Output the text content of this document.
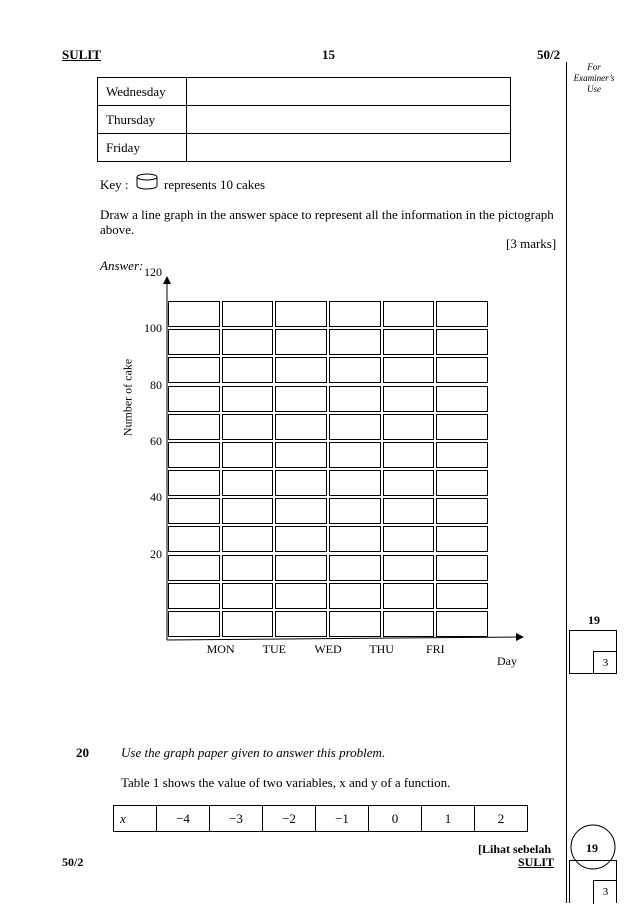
SULIT	15	50/2
For
Examiner’s
Use
Wednesday	
Thursday	
Friday	
Key :	represents 10 cakes
Draw a line graph in the answer space to represent all the information in the pictograph
above.
[3 marks]
Answer:
Number of cake
20
40
60
80
100
120
MON	TUE	WED	THU	FRI
Day
19
3
20 Use the graph paper given to answer this problem.
Table 1 shows the value of two variables, x and y of a function.
x	−4	−3	−2	−1	0	1	2
[Lihat sebelah
SULIT
50/2
19
3
